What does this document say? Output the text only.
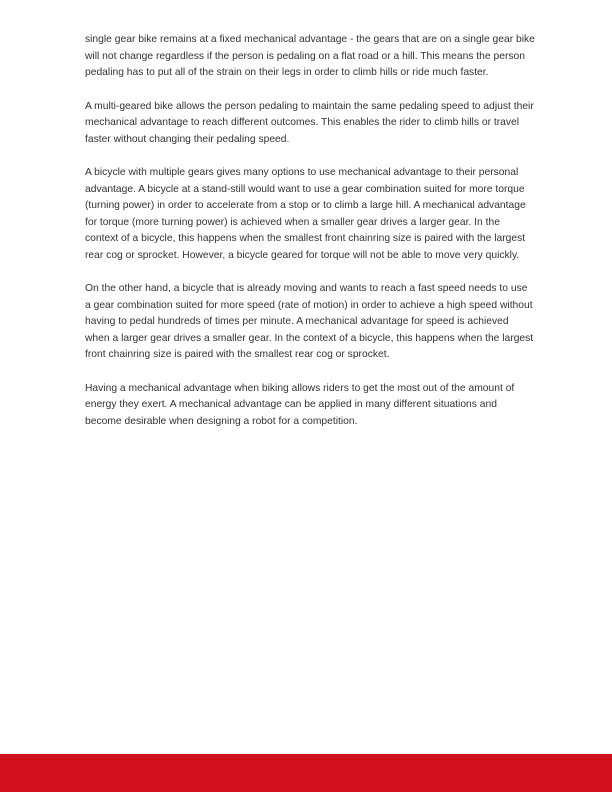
single gear bike remains at a fixed mechanical advantage - the gears that are on a single gear bike will not change regardless if the person is pedaling on a flat road or a hill. This means the person pedaling has to put all of the strain on their legs in order to climb hills or ride much faster.

A multi-geared bike allows the person pedaling to maintain the same pedaling speed to adjust their mechanical advantage to reach different outcomes. This enables the rider to climb hills or travel faster without changing their pedaling speed.

A bicycle with multiple gears gives many options to use mechanical advantage to their personal advantage. A bicycle at a stand-still would want to use a gear combination suited for more torque (turning power) in order to accelerate from a stop or to climb a large hill. A mechanical advantage for torque (more turning power) is achieved when a smaller gear drives a larger gear. In the context of a bicycle, this happens when the smallest front chainring size is paired with the largest rear cog or sprocket. However, a bicycle geared for torque will not be able to move very quickly.

On the other hand, a bicycle that is already moving and wants to reach a fast speed needs to use a gear combination suited for more speed (rate of motion) in order to achieve a high speed without having to pedal hundreds of times per minute. A mechanical advantage for speed is achieved when a larger gear drives a smaller gear. In the context of a bicycle, this happens when the largest front chainring size is paired with the smallest rear cog or sprocket.

Having a mechanical advantage when biking allows riders to get the most out of the amount of energy they exert. A mechanical advantage can be applied in many different situations and become desirable when designing a robot for a competition.
